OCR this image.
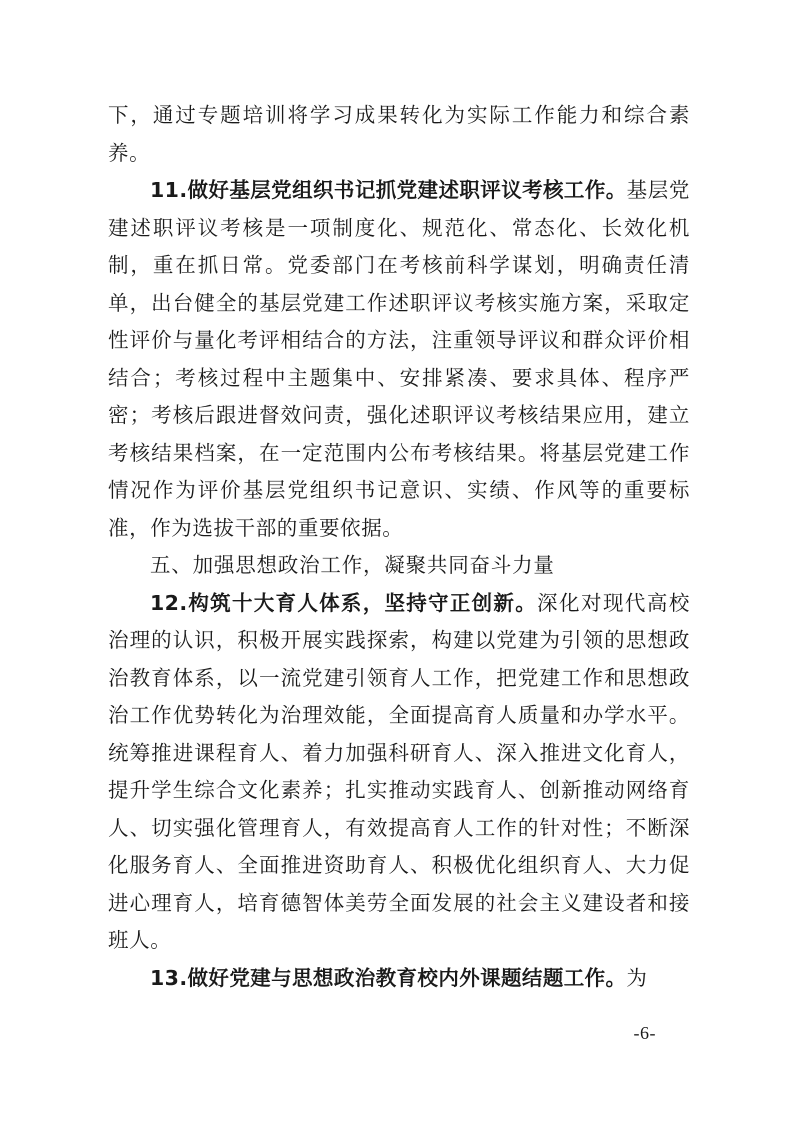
下，通过专题培训将学习成果转化为实际工作能力和综合素养。

11.做好基层党组织书记抓党建述职评议考核工作。基层党建述职评议考核是一项制度化、规范化、常态化、长效化机制，重在抓日常。党委部门在考核前科学谋划，明确责任清单，出台健全的基层党建工作述职评议考核实施方案，采取定性评价与量化考评相结合的方法，注重领导评议和群众评价相结合；考核过程中主题集中、安排紧凑、要求具体、程序严密；考核后跟进督效问责，强化述职评议考核结果应用，建立考核结果档案，在一定范围内公布考核结果。将基层党建工作情况作为评价基层党组织书记意识、实绩、作风等的重要标准，作为选拔干部的重要依据。

五、加强思想政治工作，凝聚共同奋斗力量

12.构筑十大育人体系，坚持守正创新。深化对现代高校治理的认识，积极开展实践探索，构建以党建为引领的思想政治教育体系，以一流党建引领育人工作，把党建工作和思想政治工作优势转化为治理效能，全面提高育人质量和办学水平。统筹推进课程育人、着力加强科研育人、深入推进文化育人，提升学生综合文化素养；扎实推动实践育人、创新推动网络育人、切实强化管理育人，有效提高育人工作的针对性；不断深化服务育人、全面推进资助育人、积极优化组织育人、大力促进心理育人，培育德智体美劳全面发展的社会主义建设者和接班人。

13.做好党建与思想政治教育校内外课题结题工作。为

-6-
